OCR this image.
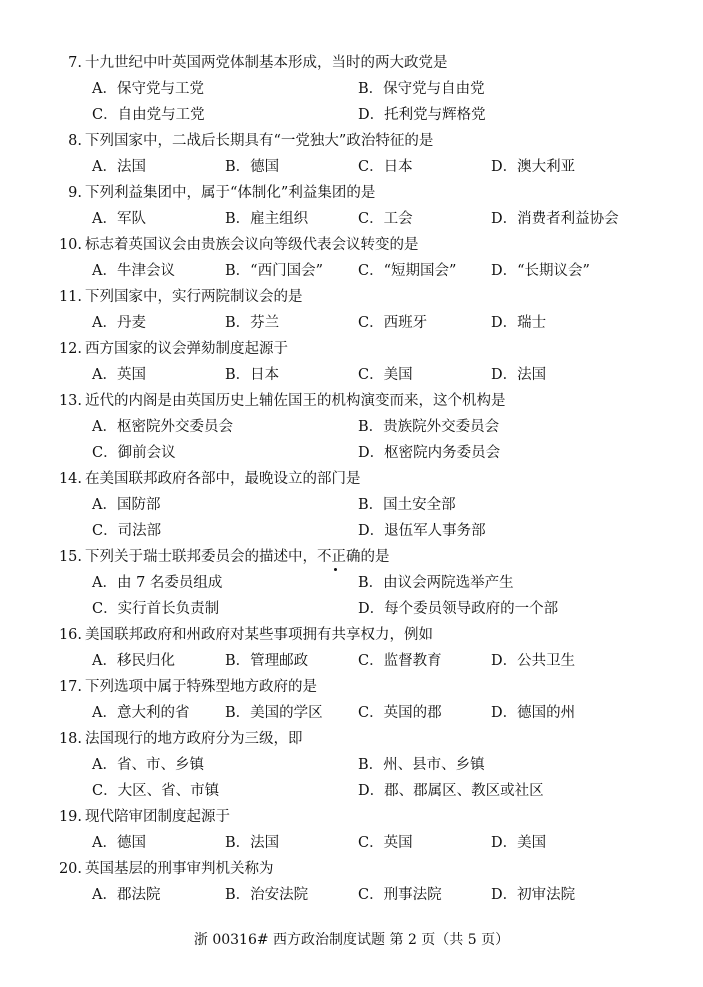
7. 十九世纪中叶英国两党体制基本形成，当时的两大政党是
A．保守党与工党	B．保守党与自由党
C．自由党与工党	D．托利党与辉格党
8. 下列国家中，二战后长期具有“一党独大”政治特征的是
A．法国	B．德国	C．日本	D．澳大利亚
9. 下列利益集团中，属于“体制化”利益集团的是
A．军队	B．雇主组织	C．工会	D．消费者利益协会
10. 标志着英国议会由贵族会议向等级代表会议转变的是
A．牛津会议	B．“西门国会” C．“短期国会” D．“长期议会”
11. 下列国家中，实行两院制议会的是
A．丹麦	B．芬兰	C．西班牙	D．瑞士
12. 西方国家的议会弹劾制度起源于
A．英国	B．日本	C．美国	D．法国
13. 近代的内阁是由英国历史上辅佐国王的机构演变而来，这个机构是
A．枢密院外交委员会	B．贵族院外交委员会
C．御前会议	D．枢密院内务委员会
14. 在美国联邦政府各部中，最晚设立的部门是
A．国防部	B．国土安全部
C．司法部	D．退伍军人事务部
15. 下列关于瑞士联邦委员会的描述中，不正确的是
A．由 7 名委员组成	B．由议会两院选举产生
C．实行首长负责制	D．每个委员领导政府的一个部
16. 美国联邦政府和州政府对某些事项拥有共享权力，例如
A．移民归化	B．管理邮政	C．监督教育	D．公共卫生
17. 下列选项中属于特殊型地方政府的是
A．意大利的省 B．美国的学区 C．英国的郡	D．德国的州
18. 法国现行的地方政府分为三级，即
A．省、市、乡镇	B．州、县市、乡镇
C．大区、省、市镇	D．郡、郡属区、教区或社区
19. 现代陪审团制度起源于
A．德国	B．法国	C．英国	D．美国
20. 英国基层的刑事审判机关称为
A．郡法院	B．治安法院	C．刑事法院	D．初审法院
浙 00316# 西方政治制度试题 第 2 页（共 5 页）
